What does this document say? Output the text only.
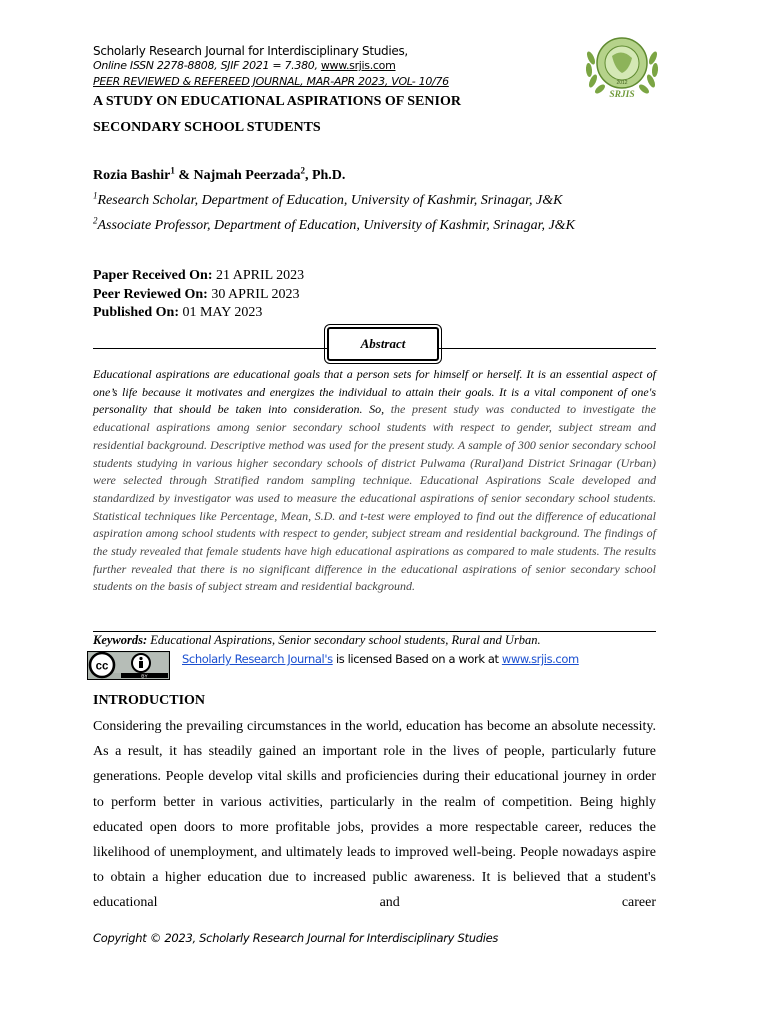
Scholarly Research Journal for Interdisciplinary Studies,
Online ISSN 2278-8808, SJIF 2021 = 7.380, www.srjis.com
PEER REVIEWED & REFEREED JOURNAL, MAR-APR 2023, VOL- 10/76	2012
SRJIS
A STUDY ON EDUCATIONAL ASPIRATIONS OF SENIOR
SECONDARY SCHOOL STUDENTS
Rozia Bashir$^1$ & Najmah Peerzada$^2$, Ph.D.
$^1$Research Scholar, Department of Education, University of Kashmir, Srinagar, J&K
$^2$Associate Professor, Department of Education, University of Kashmir, Srinagar, J&K
Paper Received On: 21 APRIL 2023
Peer Reviewed On: 30 APRIL 2023
Published On: 01 MAY 2023
Abstract

Educational aspirations are educational goals that a person sets for himself or herself. It is an essential aspect of one’s life because it motivates and energizes the individual to attain their goals. It is a vital component of one's personality that should be taken into consideration. So, the present study was conducted to investigate the educational aspirations among senior secondary school students with respect to gender, subject stream and residential background. Descriptive method was used for the present study. A sample of 300 senior secondary school students studying in various higher secondary schools of district Pulwama (Rural)and District Srinagar (Urban) were selected through Stratified random sampling technique. Educational Aspirations Scale developed and standardized by investigator was used to measure the educational aspirations of senior secondary school students. Statistical techniques like Percentage, Mean, S.D. and t-test were employed to find out the difference of educational aspiration among school students with respect to gender, subject stream and residential background. The findings of the study revealed that female students have high educational aspirations as compared to male students. The results further revealed that there is no significant difference in the educational aspirations of senior secondary school students on the basis of subject stream and residential background.

Keywords: Educational Aspirations, Senior secondary school students, Rural and Urban.
cc
BY
Scholarly Research Journal's is licensed Based on a work at www.srjis.com
INTRODUCTION

Considering the prevailing circumstances in the world, education has become an absolute necessity. As a result, it has steadily gained an important role in the lives of people, particularly future generations. People develop vital skills and proficiencies during their educational journey in order to perform better in various activities, particularly in the realm of competition. Being highly educated open doors to more profitable jobs, provides a more respectable career, reduces the likelihood of unemployment, and ultimately leads to improved well-being. People nowadays aspire to obtain a higher education due to increased public awareness. It is believed that a student's educational and career

Copyright © 2023, Scholarly Research Journal for Interdisciplinary Studies
